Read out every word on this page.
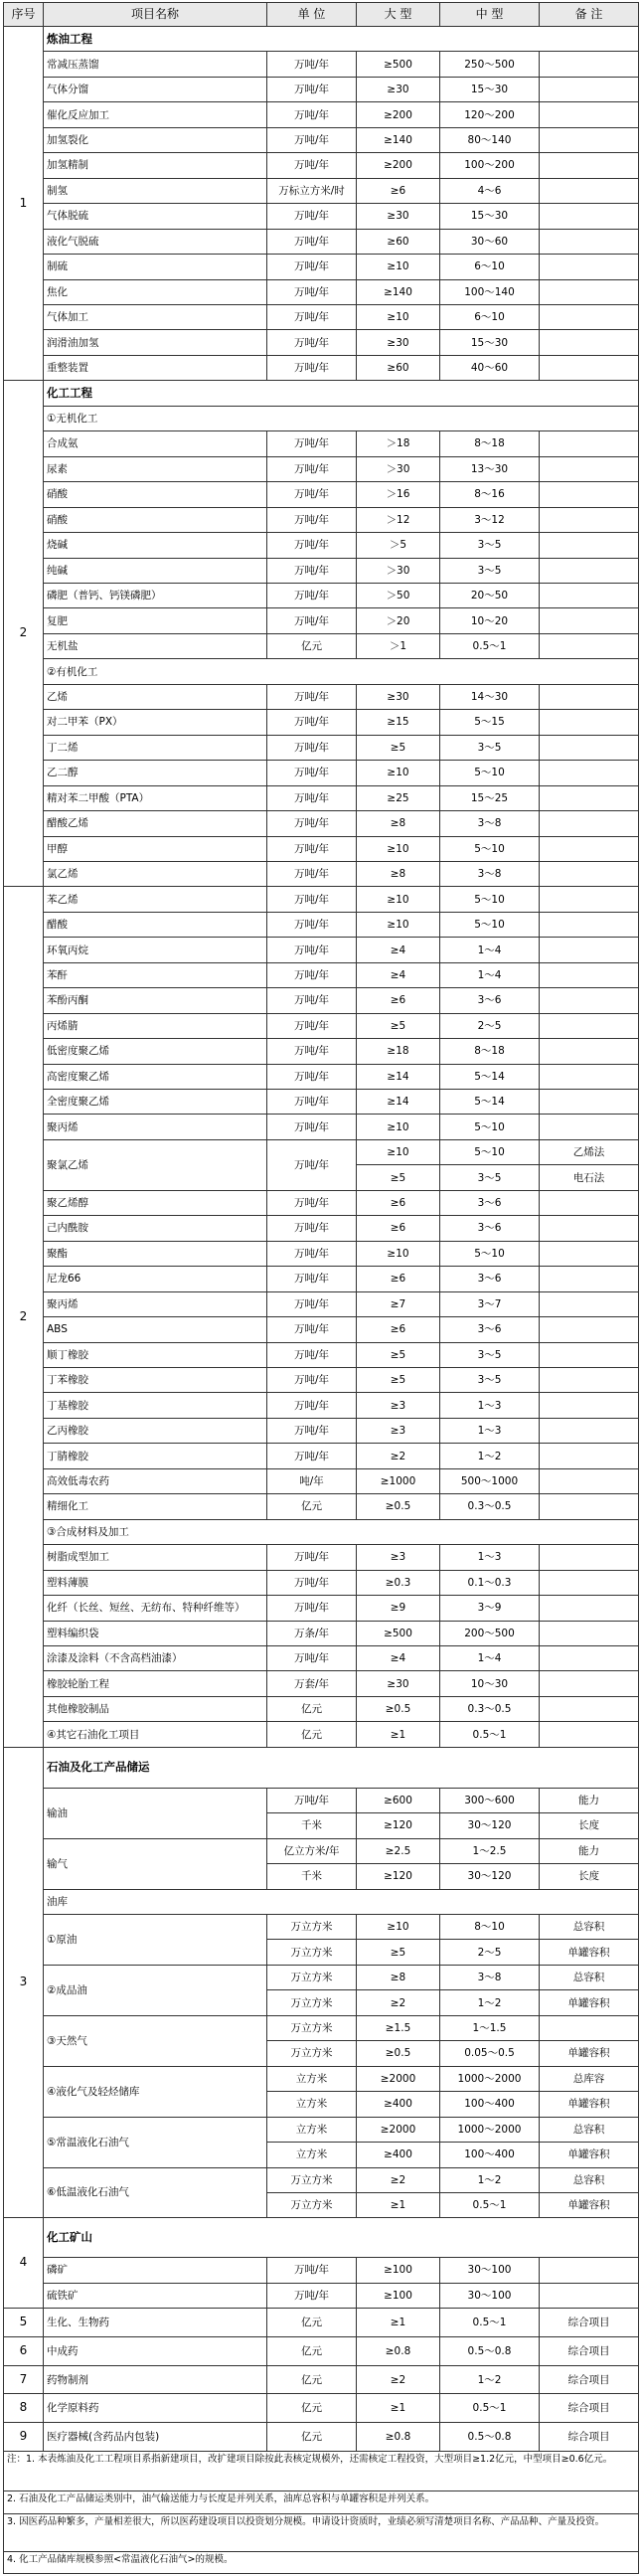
序号	项目名称	单 位	大 型	中 型	备 注
1	炼油工程				
	常减压蒸馏	万吨/年	≥500	250～500	
	气体分馏	万吨/年	≥30	15～30	
	催化反应加工	万吨/年	≥200	120～200	
	加氢裂化	万吨/年	≥140	80～140	
	加氢精制	万吨/年	≥200	100～200	
	制氢	万标立方米/时	≥6	4～6	
	气体脱硫	万吨/年	≥30	15～30	
	液化气脱硫	万吨/年	≥60	30～60	
	制硫	万吨/年	≥10	6～10	
	焦化	万吨/年	≥140	100～140	
	气体加工	万吨/年	≥10	6～10	
	润滑油加氢	万吨/年	≥30	15～30	
	重整装置	万吨/年	≥60	40～60	
2	化工工程				
	①无机化工				
	合成氨	万吨/年	＞18	8～18	
	尿素	万吨/年	＞30	13～30	
	硝酸	万吨/年	＞16	8～16	
	硝酸	万吨/年	＞12	3～12	
	烧碱	万吨/年	＞5	3～5	
	纯碱	万吨/年	＞30	3～5	
	磷肥（普钙、钙镁磷肥）	万吨/年	＞50	20～50	
	复肥	万吨/年	＞20	10～20	
	无机盐	亿元	＞1	0.5～1	
	②有机化工				
	乙烯	万吨/年	≥30	14～30	
	对二甲苯（PX）	万吨/年	≥15	5～15	
	丁二烯	万吨/年	≥5	3～5	
	乙二醇	万吨/年	≥10	5～10	
	精对苯二甲酸（PTA）	万吨/年	≥25	15～25	
	醋酸乙烯	万吨/年	≥8	3～8	
	甲醇	万吨/年	≥10	5～10	
	氯乙烯	万吨/年	≥8	3～8	
2	苯乙烯	万吨/年	≥10	5～10	
	醋酸	万吨/年	≥10	5～10	
	环氧丙烷	万吨/年	≥4	1～4	
	苯酐	万吨/年	≥4	1～4	
	苯酚丙酮	万吨/年	≥6	3～6	
	丙烯腈	万吨/年	≥5	2～5	
	低密度聚乙烯	万吨/年	≥18	8～18	
	高密度聚乙烯	万吨/年	≥14	5～14	
	全密度聚乙烯	万吨/年	≥14	5～14	
	聚丙烯	万吨/年	≥10	5～10	
	聚氯乙烯	万吨/年	≥10	5～10	乙烯法
			≥5	3～5	电石法
	聚乙烯醇	万吨/年	≥6	3～6	
	己内酰胺	万吨/年	≥6	3～6	
	聚酯	万吨/年	≥10	5～10	
	尼龙66	万吨/年	≥6	3～6	
	聚丙烯	万吨/年	≥7	3～7	
	ABS	万吨/年	≥6	3～6	
	顺丁橡胶	万吨/年	≥5	3～5	
	丁苯橡胶	万吨/年	≥5	3～5	
	丁基橡胶	万吨/年	≥3	1～3	
	乙丙橡胶	万吨/年	≥3	1～3	
	丁腈橡胶	万吨/年	≥2	1～2	
	高效低毒农药	吨/年	≥1000	500～1000	
	精细化工	亿元	≥0.5	0.3～0.5	
	③合成材料及加工				
	树脂成型加工	万吨/年	≥3	1～3	
	塑料薄膜	万吨/年	≥0.3	0.1～0.3	
	化纤（长丝、短丝、无纺布、特种纤维等）	万吨/年	≥9	3～9	
	塑料编织袋	万条/年	≥500	200～500	
	涂漆及涂料（不含高档油漆）	万吨/年	≥4	1～4	
	橡胶轮胎工程	万套/年	≥30	10～30	
	其他橡胶制品	亿元	≥0.5	0.3～0.5	
	④其它石油化工项目	亿元	≥1	0.5～1	
3	石油及化工产品储运				
	输油	万吨/年	≥600	300～600	能力
		千米	≥120	30～120	长度
	输气	亿立方米/年	≥2.5	1～2.5	能力
		千米	≥120	30～120	长度
	油库				
	①原油	万立方米	≥10	8～10	总容积
		万立方米	≥5	2～5	单罐容积
	②成品油	万立方米	≥8	3～8	总容积
		万立方米	≥2	1～2	单罐容积
	③天然气	万立方米	≥1.5	1～1.5	
		万立方米	≥0.5	0.05～0.5	单罐容积
	④液化气及轻烃储库	立方米	≥2000	1000～2000	总库容
		立方米	≥400	100～400	单罐容积
	⑤常温液化石油气	立方米	≥2000	1000～2000	总容积
		立方米	≥400	100～400	单罐容积
	⑥低温液化石油气	万立方米	≥2	1～2	总容积
		万立方米	≥1	0.5～1	单罐容积
4	化工矿山				
	磷矿	万吨/年	≥100	30～100	
	硫铁矿	万吨/年	≥100	30～100	
5	生化、生物药	亿元	≥1	0.5～1	综合项目
6	中成药	亿元	≥0.8	0.5～0.8	综合项目
7	药物制剂	亿元	≥2	1～2	综合项目
8	化学原料药	亿元	≥1	0.5～1	综合项目
9	医疗器械(含药品内包装)	亿元	≥0.8	0.5～0.8	综合项目
注：1. 本表炼油及化工工程项目系指新建项目，改扩建项目除按此表核定规模外，还需核定工程投资，大型项目≥1.2亿元，中型项目≥0.6亿元。					
2. 石油及化工产品储运类别中，油气输送能力与长度是并列关系，油库总容积与单罐容积是并列关系。					
3. 因医药品种繁多，产量相差很大，所以医药建设项目以投资划分规模。申请设计资质时，业绩必须写清楚项目名称、产品品种、产量及投资。					
4. 化工产品储库规模参照<常温液化石油气>的规模。					
